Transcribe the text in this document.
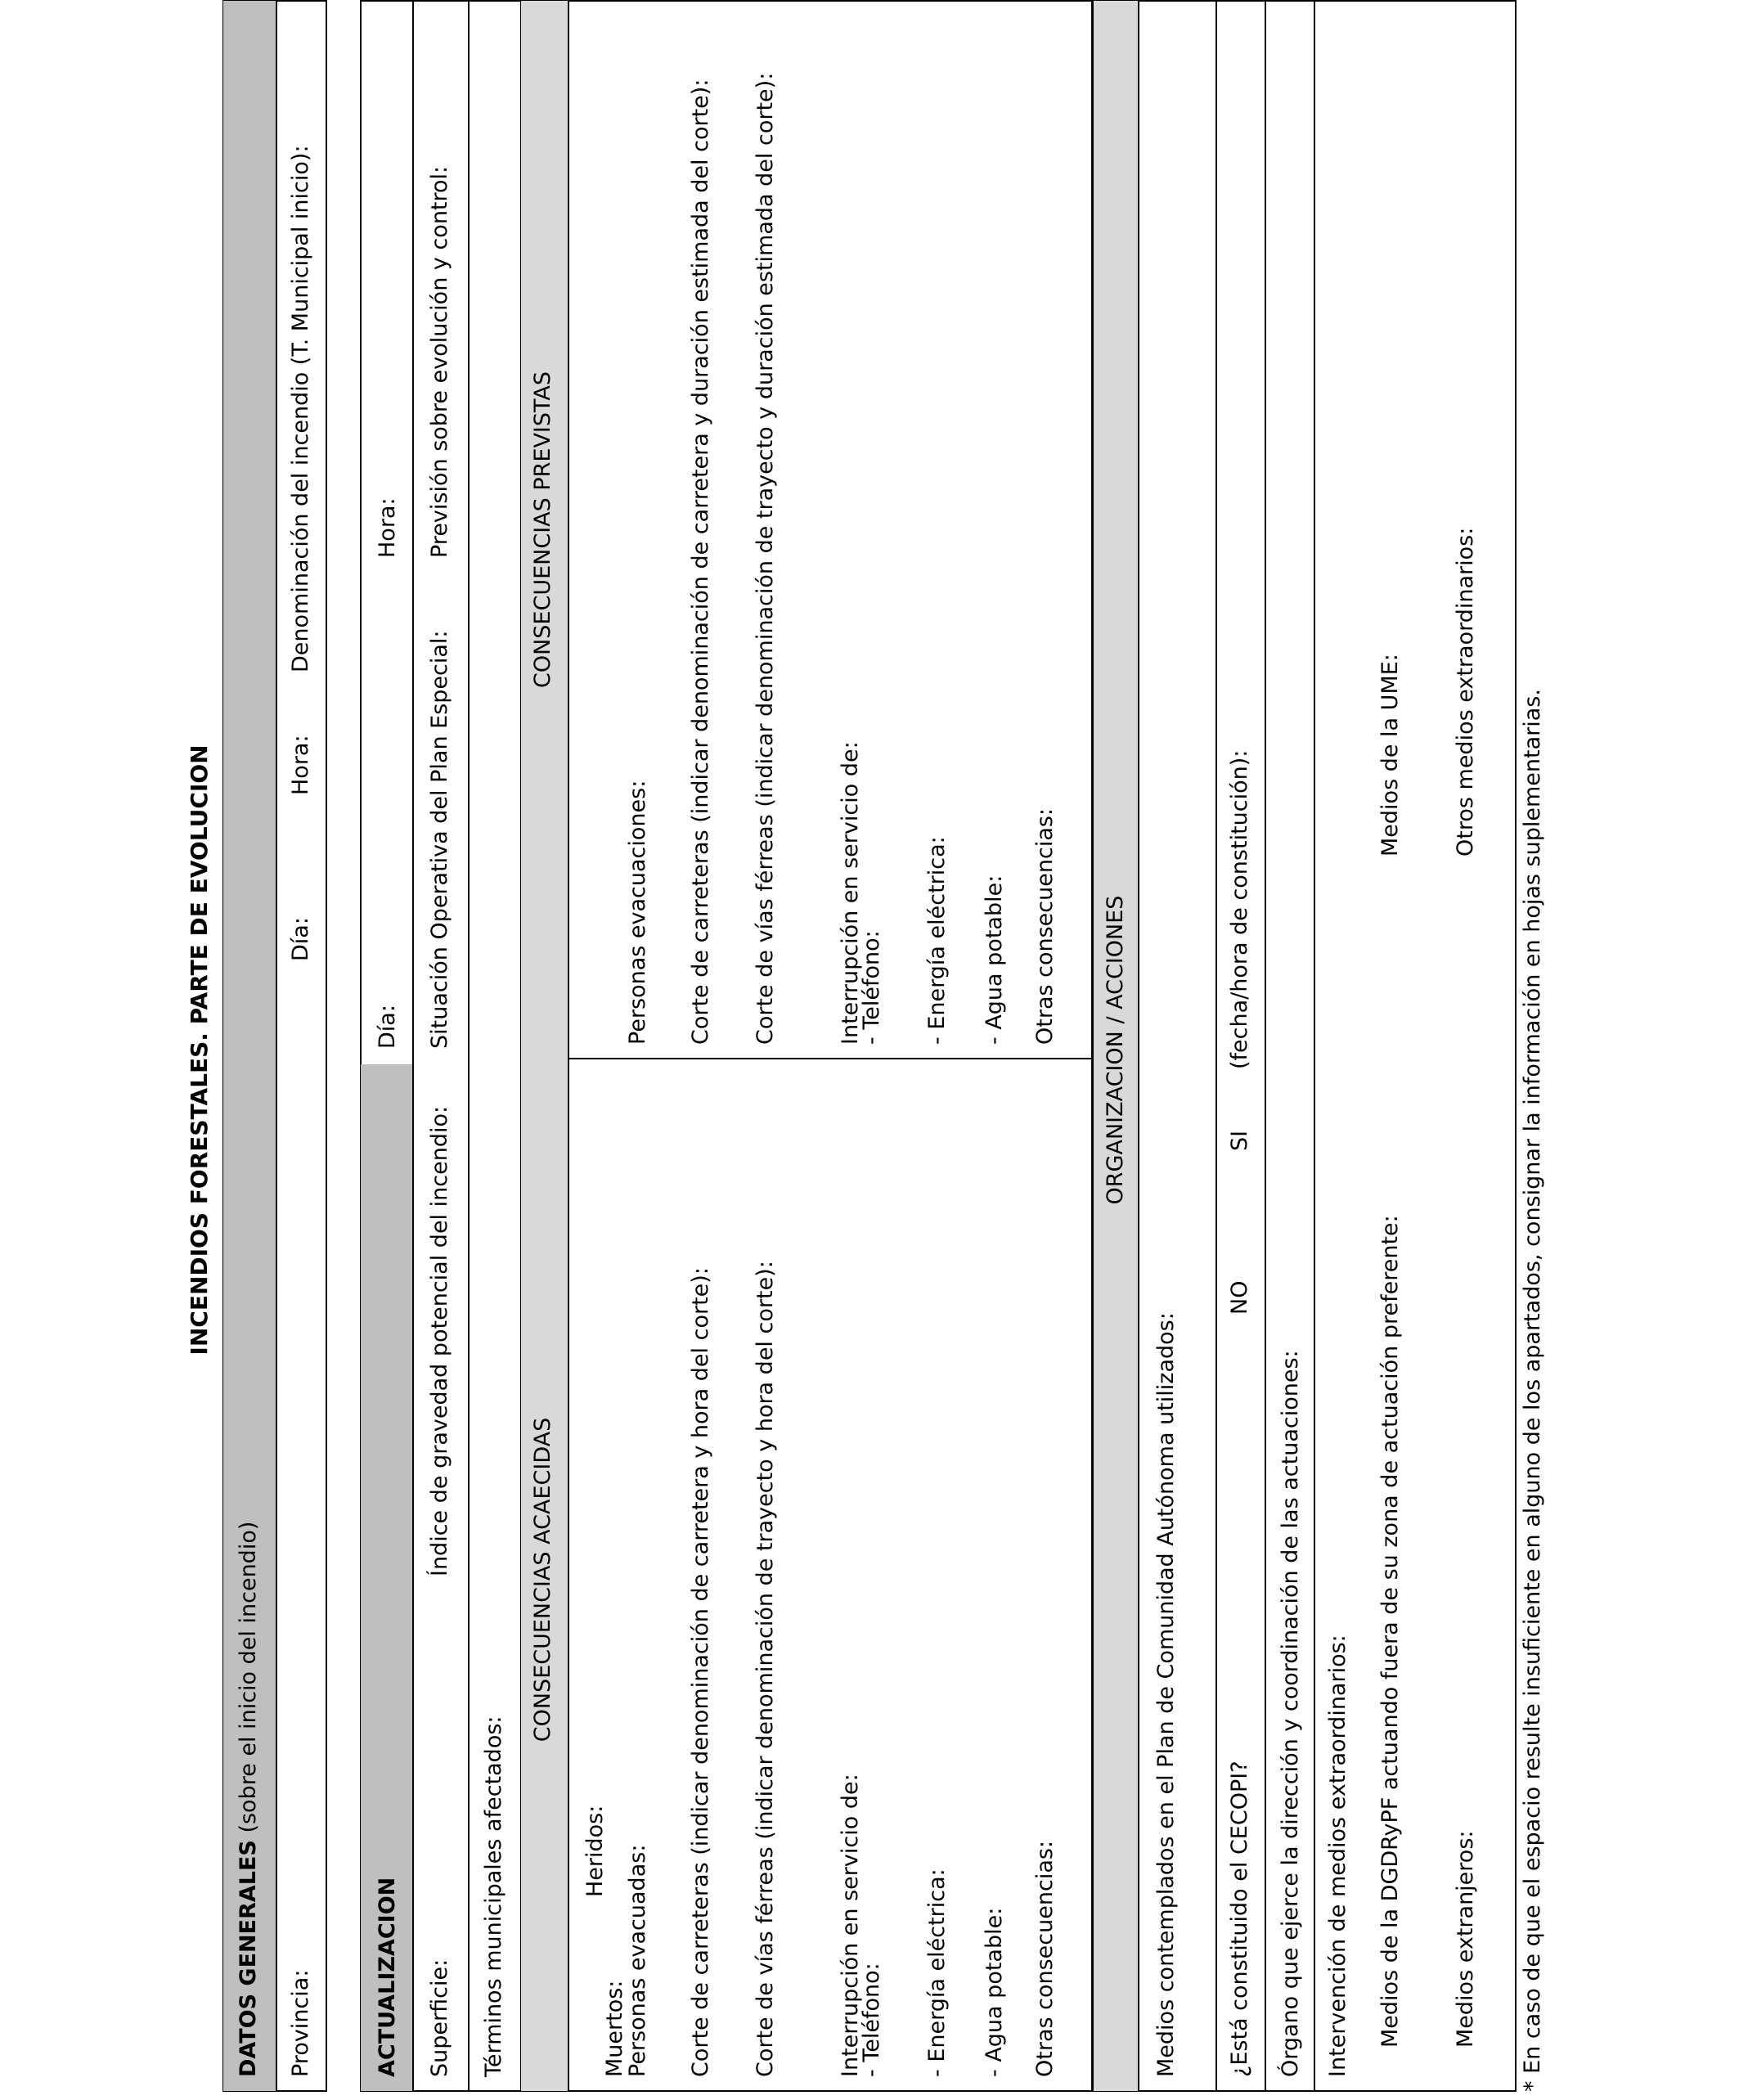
INCENDIOS FORESTALES. PARTE DE EVOLUCION
DATOS GENERALES (sobre el inicio del incendio)
Provincia:
Día:
Hora:
Denominación del incendio (T. Municipal inicio):
ACTUALIZACION
Día:
Hora:
Superficie:
Índice de gravedad potencial del incendio:
Situación Operativa del Plan Especial:
Previsión sobre evolución y control:
Términos municipales afectados:
CONSECUENCIAS ACAECIDAS
CONSECUENCIAS PREVISTAS
Muertos:
Heridos: Personas evacuadas: Corte de carreteras (indicar denominación de carretera y hora del corte): Corte de vías férreas (indicar denominación de trayecto y hora del corte):	Interrupción en servicio de:
- Teléfono: - Energía eléctrica: - Agua potable: Otras consecuencias:
Personas evacuaciones: Corte de carreteras (indicar denominación de carretera y duración estimada del corte): Corte de vías férreas (indicar denominación de trayecto y duración estimada del corte):	Interrupción en servicio de:
- Teléfono: - Energía eléctrica: - Agua potable: Otras consecuencias: ORGANIZACION / ACCIONES
Medios contemplados en el Plan de Comunidad Autónoma utilizados: ¿Está constituido el CECOPI?
NO
SI
(fecha/hora de constitución):
Órgano que ejerce la dirección y coordinación de las actuaciones: Intervención de medios extraordinarios: Medios de la DGDRyPF actuando fuera de su zona de actuación preferente:
Medios de la UME:
Medios extranjeros:
Otros medios extraordinarios: * En caso de que el espacio resulte insuficiente en alguno de los apartados, consignar la información en hojas suplementarias.
